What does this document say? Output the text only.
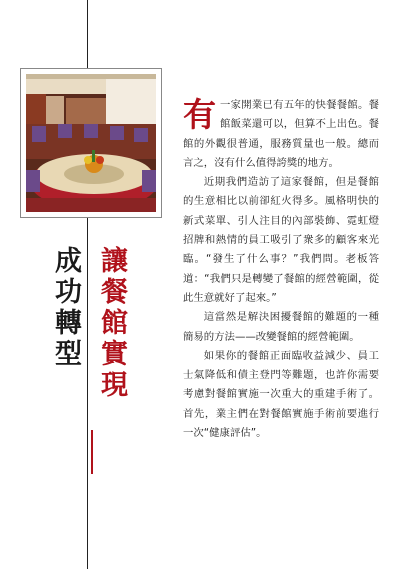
成功轉型 讓餐館實現

有一家開業已有五年的快餐餐館。餐館飯菜還可以，但算不上出色。餐館的外觀很普通，服務質量也一般。總而言之，沒有什么值得誇獎的地方。

近期我們造訪了這家餐館，但是餐館的生意相比以前卻紅火得多。風格明快的新式菜單、引人注目的內部裝飾、霓虹燈招牌和熱情的員工吸引了衆多的顧客來光臨。“發生了什么事？”我們問。老板答道：“我們只是轉變了餐館的經營範圍，從此生意就好了起來。”

這當然是解決困擾餐館的難題的一種簡易的方法——改變餐館的經營範圍。

如果你的餐館正面臨收益減少、員工士氣降低和債主登門等難題，也許你需要考慮對餐館實施一次重大的重建手術了。首先，業主們在對餐館實施手術前要進行一次“健康評估”。
